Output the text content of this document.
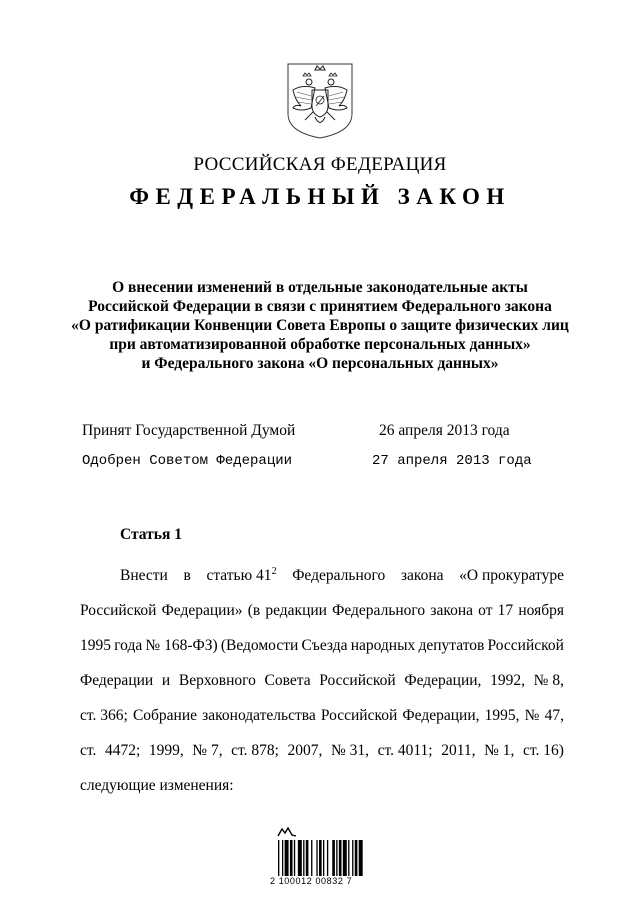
РОССИЙСКАЯ ФЕДЕРАЦИЯ
ФЕДЕРАЛЬНЫЙ ЗАКОН
О внесении изменений в отдельные законодательные акты
Российской Федерации в связи с принятием Федерального закона
«О ратификации Конвенции Совета Европы о защите физических лиц
при автоматизированной обработке персональных данных»
и Федерального закона «О персональных данных»
Принят Государственной Думой	26 апреля 2013 года
Одобрен Советом Федерации	27 апреля 2013 года
Статья 1
Внести в статью $41^2$ Федерального закона «О прокуратуре
Российской Федерации» (в редакции Федерального закона от 17 ноября
1995 года № 168-ФЗ) (Ведомости Съезда народных депутатов Российской
Федерации и Верховного Совета Российской Федерации, 1992, № 8,
ст. 366; Собрание законодательства Российской Федерации, 1995, № 47,
ст. 4472; 1999, № 7, ст. 878; 2007, № 31, ст. 4011; 2011, № 1, ст. 16)
следующие изменения:
2 100012 00832 7
